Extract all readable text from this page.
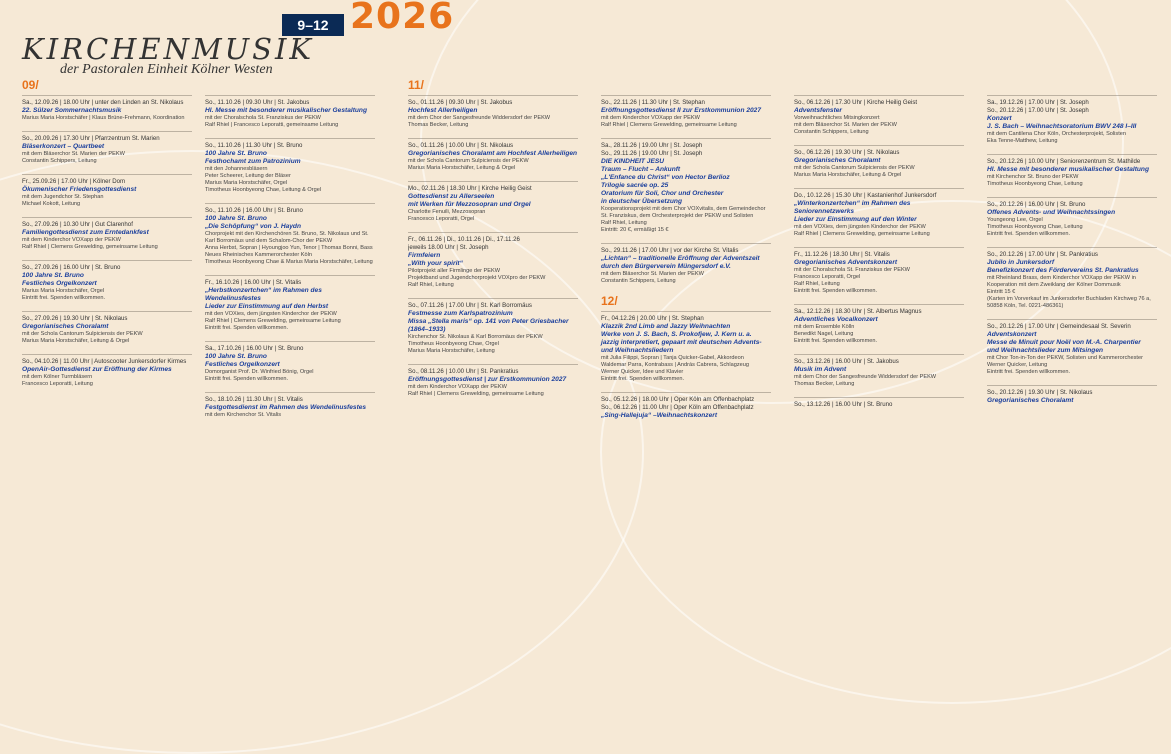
9–12 2026
KIRCHENMUSIK
der Pastoralen Einheit Kölner Westen
09/
Sa., 12.09.26 | 18.00 Uhr | unter den Linden an St. Nikolaus
22. Sülzer Sommernachtsmusik
Marius Maria Horstschäfer | Klaus Brüne-Frehmann, Koordination
So., 20.09.26 | 17.30 Uhr | Pfarrzentrum St. Marien
Bläserkonzert – Quartbeet
mit dem Bläserchor St. Marien der PEKW
Constantin Schippers, Leitung
Fr., 25.09.26 | 17.00 Uhr | Kölner Dom
Ökumenischer Friedensgottesdienst
mit dem Jugendchor St. Stephan
Michael Kokott, Leitung
So., 27.09.26 | 10.30 Uhr | Gut Clarenhof
Familiengottesdienst zum Erntedankfest
mit dem Kinderchor VOXapp der PEKW
Ralf Rhiel | Clemens Grewelding, gemeinsame Leitung
So., 27.09.26 | 16.00 Uhr | St. Bruno
100 Jahre St. Bruno
Festliches Orgelkonzert
Marius Maria Horstschäfer, Orgel
Eintritt frei. Spenden willkommen.
So., 27.09.26 | 19.30 Uhr | St. Nikolaus
Gregorianisches Choralamt
mit der Schola Cantorum Sulpiciensis der PEKW
Marius Maria Horstschäfer, Leitung & Orgel
So., 04.10.26 | 11.00 Uhr | Autoscooter Junkersdorfer Kirmes
OpenAir-Gottesdienst zur Eröffnung der Kirmes
mit dem Kölner Turmbläsern
Francesco Leporatti, Leitung
So., 11.10.26 | 09.30 Uhr | St. Jakobus
Hl. Messe mit besonderer musikalischer Gestaltung
mit der Choralschola St. Franziskus der PEKW
Ralf Rhiel | Francesco Leporatti, gemeinsame Leitung
So., 11.10.26 | 11.30 Uhr | St. Bruno
100 Jahre St. Bruno
Festhochamt zum Patrozinium
mit den Johannesbläsern
Peter Scheerer, Leitung der Bläser
Marius Maria Horstschäfer, Orgel
Timotheus Hoonbyeong Chae, Leitung & Orgel
So., 11.10.26 | 16.00 Uhr | St. Bruno
100 Jahre St. Bruno
„Die Schöpfung“ von J. Haydn
Chorprojekt mit den Kirchenchören St. Bruno, St. Nikolaus und St. Karl Borromäus und dem Schalom-Chor der PEKW
Anna Herbst, Sopran | Hyoungjoo Yun, Tenor | Thomas Bonni, Bass
Neues Rheinisches Kammerorchester Köln
Timotheus Hoonbyeong Chae & Marius Maria Horstschäfer, Leitung
Fr., 16.10.26 | 16.00 Uhr | St. Vitalis
„Herbstkonzertchen“ im Rahmen des Wendelinusfestes
Lieder zur Einstimmung auf den Herbst
mit den VOXies, dem jüngsten Kinderchor der PEKW
Ralf Rhiel | Clemens Grewelding, gemeinsame Leitung
Eintritt frei. Spenden willkommen.
Sa., 17.10.26 | 16.00 Uhr | St. Bruno
100 Jahre St. Bruno
Festliches Orgelkonzert
Domorganist Prof. Dr. Winfried Bönig, Orgel
Eintritt frei. Spenden willkommen.
So., 18.10.26 | 11.30 Uhr | St. Vitalis
Festgottesdienst im Rahmen des Wendelinusfestes
mit dem Kirchenchor St. Vitalis
11/
So., 01.11.26 | 09.30 Uhr | St. Jakobus
Hochfest Allerheiligen
mit dem Chor der Sangesfreunde Widdersdorf der PEKW
Thomas Becker, Leitung
So., 01.11.26 | 10.00 Uhr | St. Nikolaus
Gregorianisches Choralamt am Hochfest Allerheiligen
mit der Schola Cantorum Sulpiciensis der PEKW
Marius Maria Horstschäfer, Leitung & Orgel
Mo., 02.11.26 | 18.30 Uhr | Kirche Heilig Geist
Gottesdienst zu Allerseelen
mit Werken für Mezzosopran und Orgel
Charlotte Fenuili, Mezzosopran
Francesco Leporatti, Orgel
Fr., 06.11.26 | Di., 10.11.26 | Di., 17.11.26
jeweils 18.00 Uhr | St. Joseph
Firmfeiern
„With your spirit“
Pilotprojekt aller Firmlinge der PEKW
Projektband und Jugendchorprojekt VOXpro der PEKW
Ralf Rhiel, Leitung
So., 07.11.26 | 17.00 Uhr | St. Karl Borromäus
Festmesse zum Karlspatrozinium
Missa „Stella maris“ op. 141 von Peter Griesbacher (1864–1933)
Kirchenchor St. Nikolaus & Karl Borromäus der PEKW
Timotheus Hoonbyeong Chae, Orgel
Marius Maria Horstschäfer, Leitung
So., 08.11.26 | 10.00 Uhr | St. Pankratius
Eröffnungsgottesdienst | zur Erstkommunion 2027
mit dem Kinderchor VOXapp der PEKW
Ralf Rhiel | Clemens Grewelding, gemeinsame Leitung
So., 22.11.26 | 11.30 Uhr | St. Stephan
Eröffnungsgottesdienst II zur Erstkommunion 2027
mit dem Kinderchor VOXapp der PEKW
Ralf Rhiel | Clemens Grewelding, gemeinsame Leitung
Sa., 28.11.26 | 19.00 Uhr | St. Joseph
So., 29.11.26 | 19.00 Uhr | St. Joseph
DIE KINDHEIT JESU
Traum – Flucht – Ankunft
„L'Enfance du Christ“ von Hector Berlioz
Trilogie sacrée op. 25
Oratorium für Soli, Chor und Orchester
in deutscher Übersetzung
Kooperationsprojekt mit dem Chor VOXvitalis, dem Gemeindechor St. Franziskus, dem Orchesterprojekt der PEKW und Solisten
Ralf Rhiel, Leitung
Eintritt: 20 €, ermäßigt 15 €
So., 29.11.26 | 17.00 Uhr | vor der Kirche St. Vitalis
„Lichtan“ – traditionelle Eröffnung der Adventszeit
durch den Bürgerverein Müngersdorf e.V.
mit dem Bläserchor St. Marien der PEKW
Constantin Schippers, Leitung
12/
Fr., 04.12.26 | 20.00 Uhr | St. Stephan
Klazzik 2nd Limb and Jazzy Weihnachten
Werke von J. S. Bach, S. Prokofjew, J. Kern u. a. jazzig interpretiert, gepaart mit deutschen Advents- und Weihnachtsliedern
mit Julia Filippi, Sopran | Tanja Quicker-Gabel, Akkordeon
Waldemar Parra, Kontrabass | András Cabrera, Schlagzeug
Werner Quicker, Idee und Klavier
Eintritt frei. Spenden willkommen.
So., 05.12.26 | 18.00 Uhr | Oper Köln am Offenbachplatz
So., 06.12.26 | 11.00 Uhr | Oper Köln am Offenbachplatz
„Sing-Hallejuja“ –Weihnachtskonzert
So., 06.12.26 | 17.30 Uhr | Kirche Heilig Geist
Adventsfenster
Vorweihnachtliches Mitsingkonzert
mit dem Bläserchor St. Marien der PEKW
Constantin Schippers, Leitung
So., 06.12.26 | 19.30 Uhr | St. Nikolaus
Gregorianisches Choralamt
mit der Schola Cantorum Sulpiciensis der PEKW
Marius Maria Horstschäfer, Leitung & Orgel
Do., 10.12.26 | 15.30 Uhr | Kastanienhof Junkersdorf
„Winterkonzertchen“ im Rahmen des Seniorennetzwerks
Lieder zur Einstimmung auf den Winter
mit den VOXies, dem jüngsten Kinderchor der PEKW
Ralf Rhiel | Clemens Grewelding, gemeinsame Leitung
Fr., 11.12.26 | 18.30 Uhr | St. Vitalis
Gregorianisches Adventskonzert
mit der Choralschola St. Franziskus der PEKW
Francesco Leporatti, Orgel
Ralf Rhiel, Leitung
Eintritt frei. Spenden willkommen.
Sa., 12.12.26 | 18.30 Uhr | St. Albertus Magnus
Adventliches Vocalkonzert
mit dem Ensemble Kölln
Benedikt Nagel, Leitung
Eintritt frei. Spenden willkommen.
So., 13.12.26 | 16.00 Uhr | St. Jakobus
Musik im Advent
mit dem Chor der Sangesfreunde Widdersdorf der PEKW
Thomas Becker, Leitung
So., 13.12.26 | 16.00 Uhr | St. Bruno
Sa., 19.12.26 | 17.00 Uhr | St. Joseph
So., 20.12.26 | 17.00 Uhr | St. Joseph
Konzert
J. S. Bach – Weihnachtsoratorium BWV 248 I–III
mit dem Cantilena Chor Köln, Orchesterprojekt, Solisten
Eka Tenne-Matthew, Leitung
So., 20.12.26 | 10.00 Uhr | Seniorenzentrum St. Mathilde
Hl. Messe mit besonderer musikalischer Gestaltung
mit Kirchenchor St. Bruno der PEKW
Timotheus Hoonbyeong Chae, Leitung
So., 20.12.26 | 16.00 Uhr | St. Bruno
Offenes Advents- und Weihnachtssingen
Youngeong Lee, Orgel
Timotheus Hoonbyeong Chae, Leitung
Eintritt frei. Spenden willkommen.
So., 20.12.26 | 17.00 Uhr | St. Pankratius
Jubilo in Junkersdorf
Benefizkonzert des Fördervereins St. Pankratius
mit Rheinland Brass, dem Kinderchor VOXapp der PEKW in Kooperation mit dem Zweiklang der Kölner Dommusik
Eintritt 15 €
(Karten im Vorverkauf im Junkersdorfer Buchladen Kirchweg 76 a, 50858 Köln, Tel. 0221-486361)
So., 20.12.26 | 17.00 Uhr | Gemeindesaal St. Severin
Adventskonzert
Messe de Minuit pour Noël von M.-A. Charpentier
und Weihnachtslieder zum Mitsingen
mit Chor Ton-in-Ton der PEKW, Solisten und Kammerorchester
Werner Quicker, Leitung
Eintritt frei. Spenden willkommen.
So., 20.12.26 | 19.30 Uhr | St. Nikolaus
Gregorianisches Choralamt
